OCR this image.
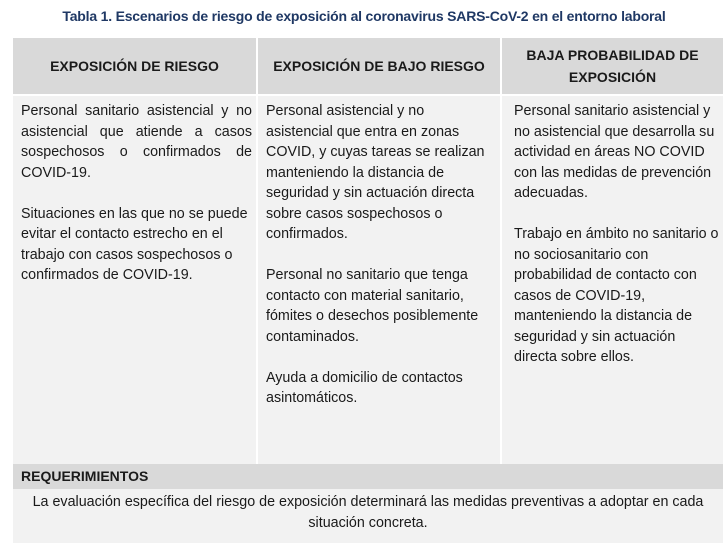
Tabla 1. Escenarios de riesgo de exposición al coronavirus SARS-CoV-2 en el entorno laboral
EXPOSICIÓN DE RIESGO	EXPOSICIÓN DE BAJO RIESGO
BAJA PROBABILIDAD DE EXPOSICIÓN

Personal sanitario asistencial y no asistencial que atiende a casos sospechosos o confirmados de COVID-19.

Situaciones en las que no se puede evitar el contacto estrecho en el trabajo con casos sospechosos o confirmados de COVID-19.

Personal asistencial y no asistencial que entra en zonas COVID, y cuyas tareas se realizan manteniendo la distancia de seguridad y sin actuación directa sobre casos sospechosos o confirmados.

Personal no sanitario que tenga contacto con material sanitario, fómites o desechos posiblemente contaminados.

Ayuda a domicilio de contactos asintomáticos.

Personal sanitario asistencial y no asistencial que desarrolla su actividad en áreas NO COVID con las medidas de prevención adecuadas.

Trabajo en ámbito no sanitario o no sociosanitario con probabilidad de contacto con casos de COVID-19, manteniendo la distancia de seguridad y sin actuación directa sobre ellos.

REQUERIMIENTOS
La evaluación específica del riesgo de exposición determinará las medidas preventivas a adoptar en cada situación concreta.
